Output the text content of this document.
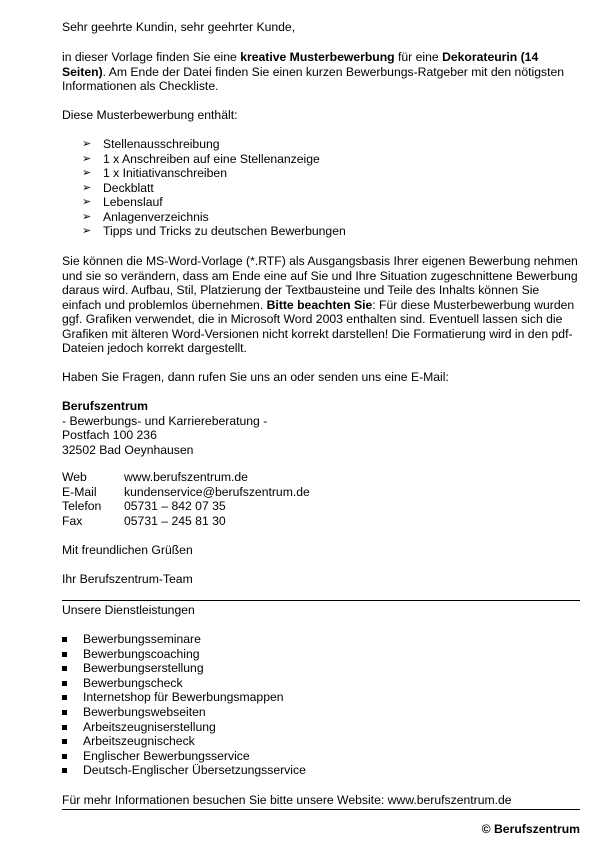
Sehr geehrte Kundin, sehr geehrter Kunde,
in dieser Vorlage finden Sie eine kreative Musterbewerbung für eine Dekorateurin (14 Seiten). Am Ende der Datei finden Sie einen kurzen Bewerbungs-Ratgeber mit den nötigsten Informationen als Checkliste.
Diese Musterbewerbung enthält:
➢ Stellenausschreibung
➢ 1 x Anschreiben auf eine Stellenanzeige
➢ 1 x Initiativanschreiben
➢ Deckblatt
➢ Lebenslauf
➢ Anlagenverzeichnis
➢ Tipps und Tricks zu deutschen Bewerbungen
Sie können die MS-Word-Vorlage (*.RTF) als Ausgangsbasis Ihrer eigenen Bewerbung nehmen und sie so verändern, dass am Ende eine auf Sie und Ihre Situation zugeschnittene Bewerbung daraus wird. Aufbau, Stil, Platzierung der Textbausteine und Teile des Inhalts können Sie einfach und problemlos übernehmen. Bitte beachten Sie: Für diese Musterbewerbung wurden ggf. Grafiken verwendet, die in Microsoft Word 2003 enthalten sind. Eventuell lassen sich die Grafiken mit älteren Word-Versionen nicht korrekt darstellen! Die Formatierung wird in den pdf-Dateien jedoch korrekt dargestellt.
Haben Sie Fragen, dann rufen Sie uns an oder senden uns eine E-Mail:
Berufszentrum
- Bewerbungs- und Karriereberatung -
Postfach 100 236
32502 Bad Oeynhausen
Web	www.berufszentrum.de
E-Mail kundenservice@berufszentrum.de
Telefon 05731 – 842 07 35
Fax	05731 – 245 81 30
Mit freundlichen Grüßen
Ihr Berufszentrum-Team
Unsere Dienstleistungen
Bewerbungsseminare
Bewerbungscoaching
Bewerbungserstellung
Bewerbungscheck
Internetshop für Bewerbungsmappen
Bewerbungswebseiten
Arbeitszeugniserstellung
Arbeitszeugnischeck
Englischer Bewerbungsservice
Deutsch-Englischer Übersetzungsservice
Für mehr Informationen besuchen Sie bitte unsere Website: www.berufszentrum.de
© Berufszentrum
